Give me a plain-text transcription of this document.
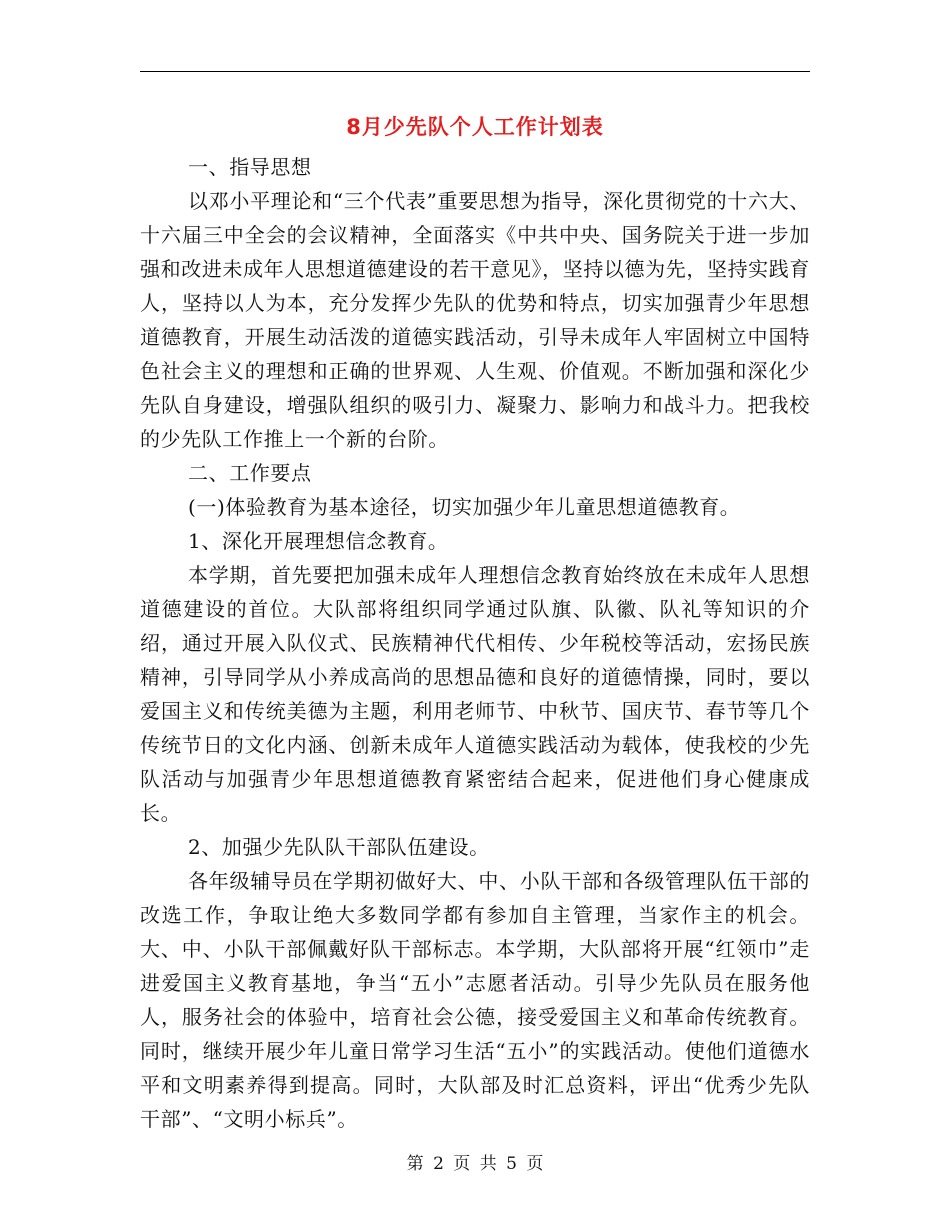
8月少先队个人工作计划表

一、指导思想

以邓小平理论和“三个代表”重要思想为指导，深化贯彻党的十六大、十六届三中全会的会议精神，全面落实《中共中央、国务院关于进一步加强和改进未成年人思想道德建设的若干意见》，坚持以德为先，坚持实践育人，坚持以人为本，充分发挥少先队的优势和特点，切实加强青少年思想道德教育，开展生动活泼的道德实践活动，引导未成年人牢固树立中国特色社会主义的理想和正确的世界观、人生观、价值观。不断加强和深化少先队自身建设，增强队组织的吸引力、凝聚力、影响力和战斗力。把我校的少先队工作推上一个新的台阶。

二、工作要点

(一)体验教育为基本途径，切实加强少年儿童思想道德教育。

1、深化开展理想信念教育。

本学期，首先要把加强未成年人理想信念教育始终放在未成年人思想道德建设的首位。大队部将组织同学通过队旗、队徽、队礼等知识的介绍，通过开展入队仪式、民族精神代代相传、少年税校等活动，宏扬民族精神，引导同学从小养成高尚的思想品德和良好的道德情操，同时，要以爱国主义和传统美德为主题，利用老师节、中秋节、国庆节、春节等几个传统节日的文化内涵、创新未成年人道德实践活动为载体，使我校的少先队活动与加强青少年思想道德教育紧密结合起来，促进他们身心健康成长。

2、加强少先队队干部队伍建设。

各年级辅导员在学期初做好大、中、小队干部和各级管理队伍干部的改选工作，争取让绝大多数同学都有参加自主管理，当家作主的机会。大、中、小队干部佩戴好队干部标志。本学期，大队部将开展“红领巾”走进爱国主义教育基地，争当“五小”志愿者活动。引导少先队员在服务他人，服务社会的体验中，培育社会公德，接受爱国主义和革命传统教育。同时，继续开展少年儿童日常学习生活“五小”的实践活动。使他们道德水平和文明素养得到提高。同时，大队部及时汇总资料，评出“优秀少先队干部”、“文明小标兵”。

第 2 页 共 5 页
